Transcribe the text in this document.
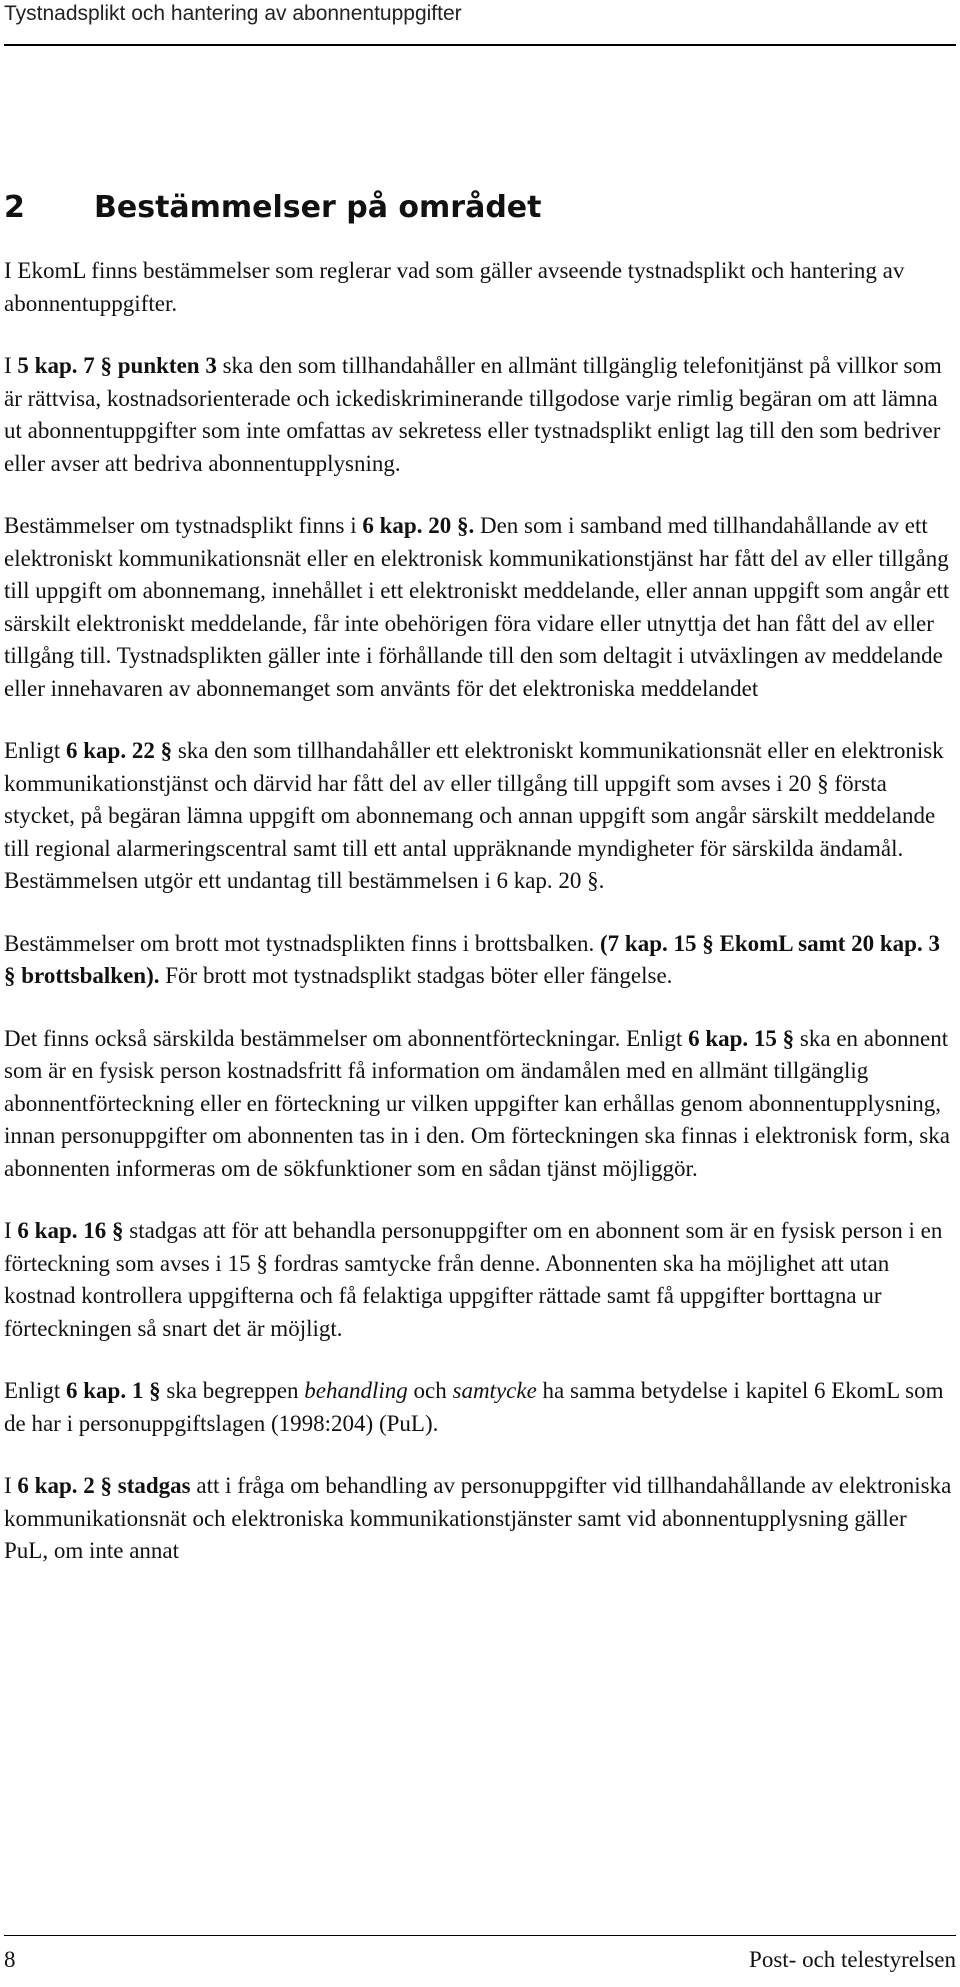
Tystnadsplikt och hantering av abonnentuppgifter
2 Bestämmelser på området

I EkomL finns bestämmelser som reglerar vad som gäller avseende tystnadsplikt och hantering av abonnentuppgifter.

I 5 kap. 7 § punkten 3 ska den som tillhandahåller en allmänt tillgänglig telefonitjänst på villkor som är rättvisa, kostnadsorienterade och ickediskriminerande tillgodose varje rimlig begäran om att lämna ut abonnentuppgifter som inte omfattas av sekretess eller tystnadsplikt enligt lag till den som bedriver eller avser att bedriva abonnentupplysning.

Bestämmelser om tystnadsplikt finns i 6 kap. 20 §. Den som i samband med tillhandahållande av ett elektroniskt kommunikationsnät eller en elektronisk kommunikationstjänst har fått del av eller tillgång till uppgift om abonnemang, innehållet i ett elektroniskt meddelande, eller annan uppgift som angår ett särskilt elektroniskt meddelande, får inte obehörigen föra vidare eller utnyttja det han fått del av eller tillgång till. Tystnadsplikten gäller inte i förhållande till den som deltagit i utväxlingen av meddelande eller innehavaren av abonnemanget som använts för det elektroniska meddelandet

Enligt 6 kap. 22 § ska den som tillhandahåller ett elektroniskt kommunikationsnät eller en elektronisk kommunikationstjänst och därvid har fått del av eller tillgång till uppgift som avses i 20 § första stycket, på begäran lämna uppgift om abonnemang och annan uppgift som angår särskilt meddelande till regional alarmeringscentral samt till ett antal uppräknande myndigheter för särskilda ändamål. Bestämmelsen utgör ett undantag till bestämmelsen i 6 kap. 20 §.

Bestämmelser om brott mot tystnadsplikten finns i brottsbalken. (7 kap. 15 § EkomL samt 20 kap. 3 § brottsbalken). För brott mot tystnadsplikt stadgas böter eller fängelse.

Det finns också särskilda bestämmelser om abonnentförteckningar. Enligt 6 kap. 15 § ska en abonnent som är en fysisk person kostnadsfritt få information om ändamålen med en allmänt tillgänglig abonnentförteckning eller en förteckning ur vilken uppgifter kan erhållas genom abonnentupplysning, innan personuppgifter om abonnenten tas in i den. Om förteckningen ska finnas i elektronisk form, ska abonnenten informeras om de sökfunktioner som en sådan tjänst möjliggör.

I 6 kap. 16 § stadgas att för att behandla personuppgifter om en abonnent som är en fysisk person i en förteckning som avses i 15 § fordras samtycke från denne. Abonnenten ska ha möjlighet att utan kostnad kontrollera uppgifterna och få felaktiga uppgifter rättade samt få uppgifter borttagna ur förteckningen så snart det är möjligt.

Enligt 6 kap. 1 § ska begreppen behandling och samtycke ha samma betydelse i kapitel 6 EkomL som de har i personuppgiftslagen (1998:204) (PuL).

I 6 kap. 2 § stadgas att i fråga om behandling av personuppgifter vid tillhandahållande av elektroniska kommunikationsnät och elektroniska kommunikationstjänster samt vid abonnentupplysning gäller PuL, om inte annat

8	Post- och telestyrelsen
